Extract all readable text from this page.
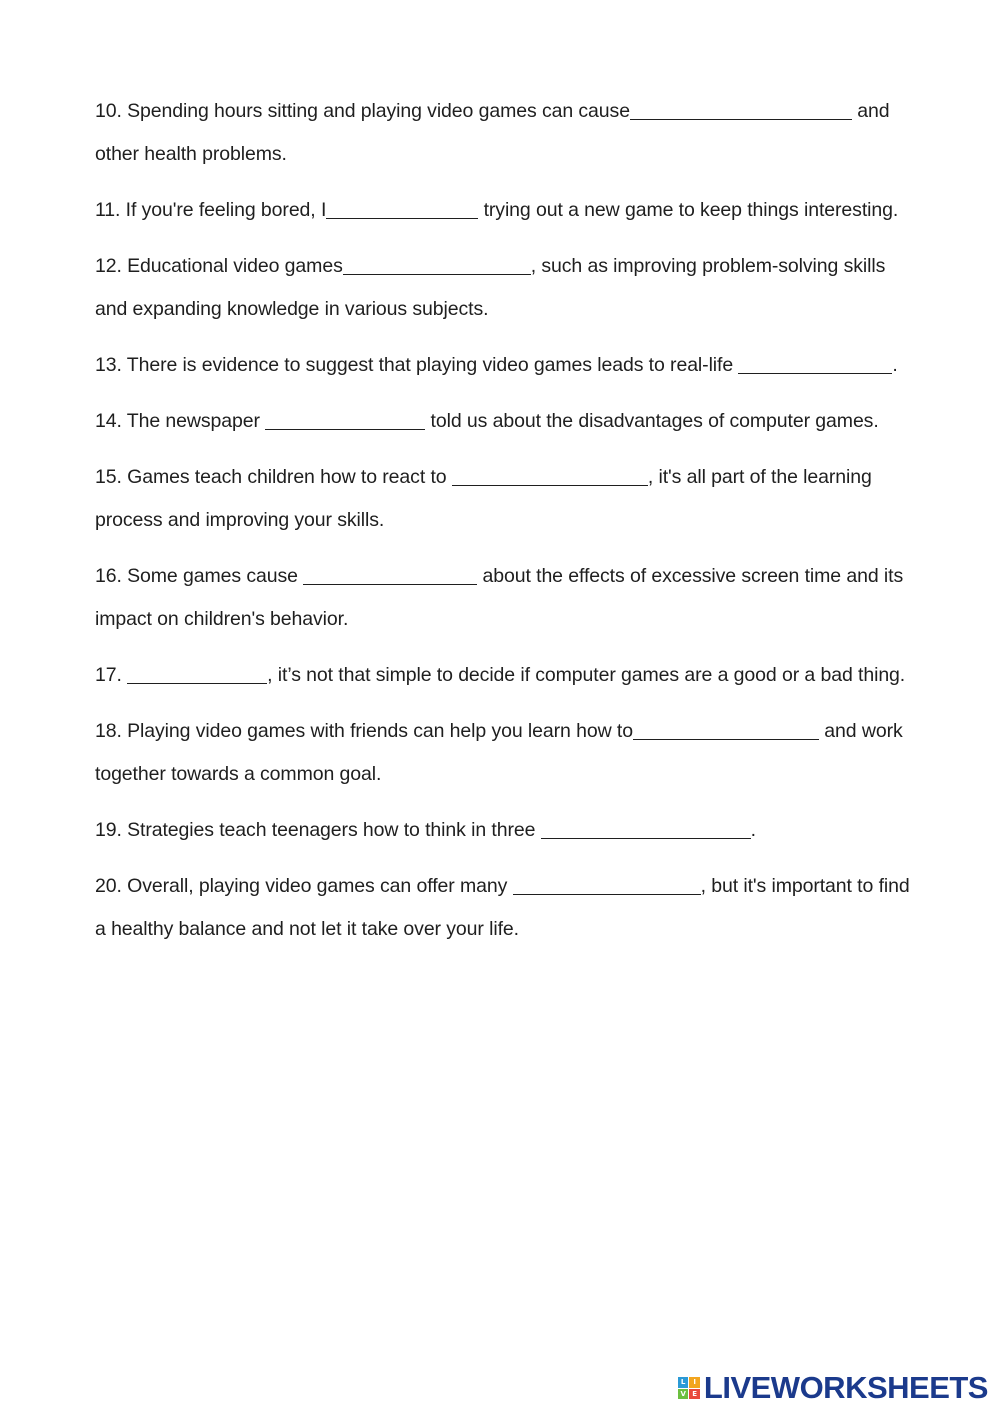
10. Spending hours sitting and playing video games can cause	and other health problems.

11. If you're feeling bored, I	trying out a new game to keep things interesting.

12. Educational video games	, such as improving problem-solving skills and expanding knowledge in various subjects.

13. There is evidence to suggest that playing video games leads to real-life	.

14. The newspaper	told us about the disadvantages of computer games.

15. Games teach children how to react to	, it's all part of the learning process and improving your skills.

16. Some games cause	about the effects of excessive screen time and its impact on children's behavior.

17.	, it’s not that simple to decide if computer games are a good or a bad thing.

18. Playing video games with friends can help you learn how to	and work together towards a common goal.

19. Strategies teach teenagers how to think in three	.

20. Overall, playing video games can offer many	, but it's important to find a healthy balance and not let it take over your life.

L	I
V E LIVEWORKSHEETS
